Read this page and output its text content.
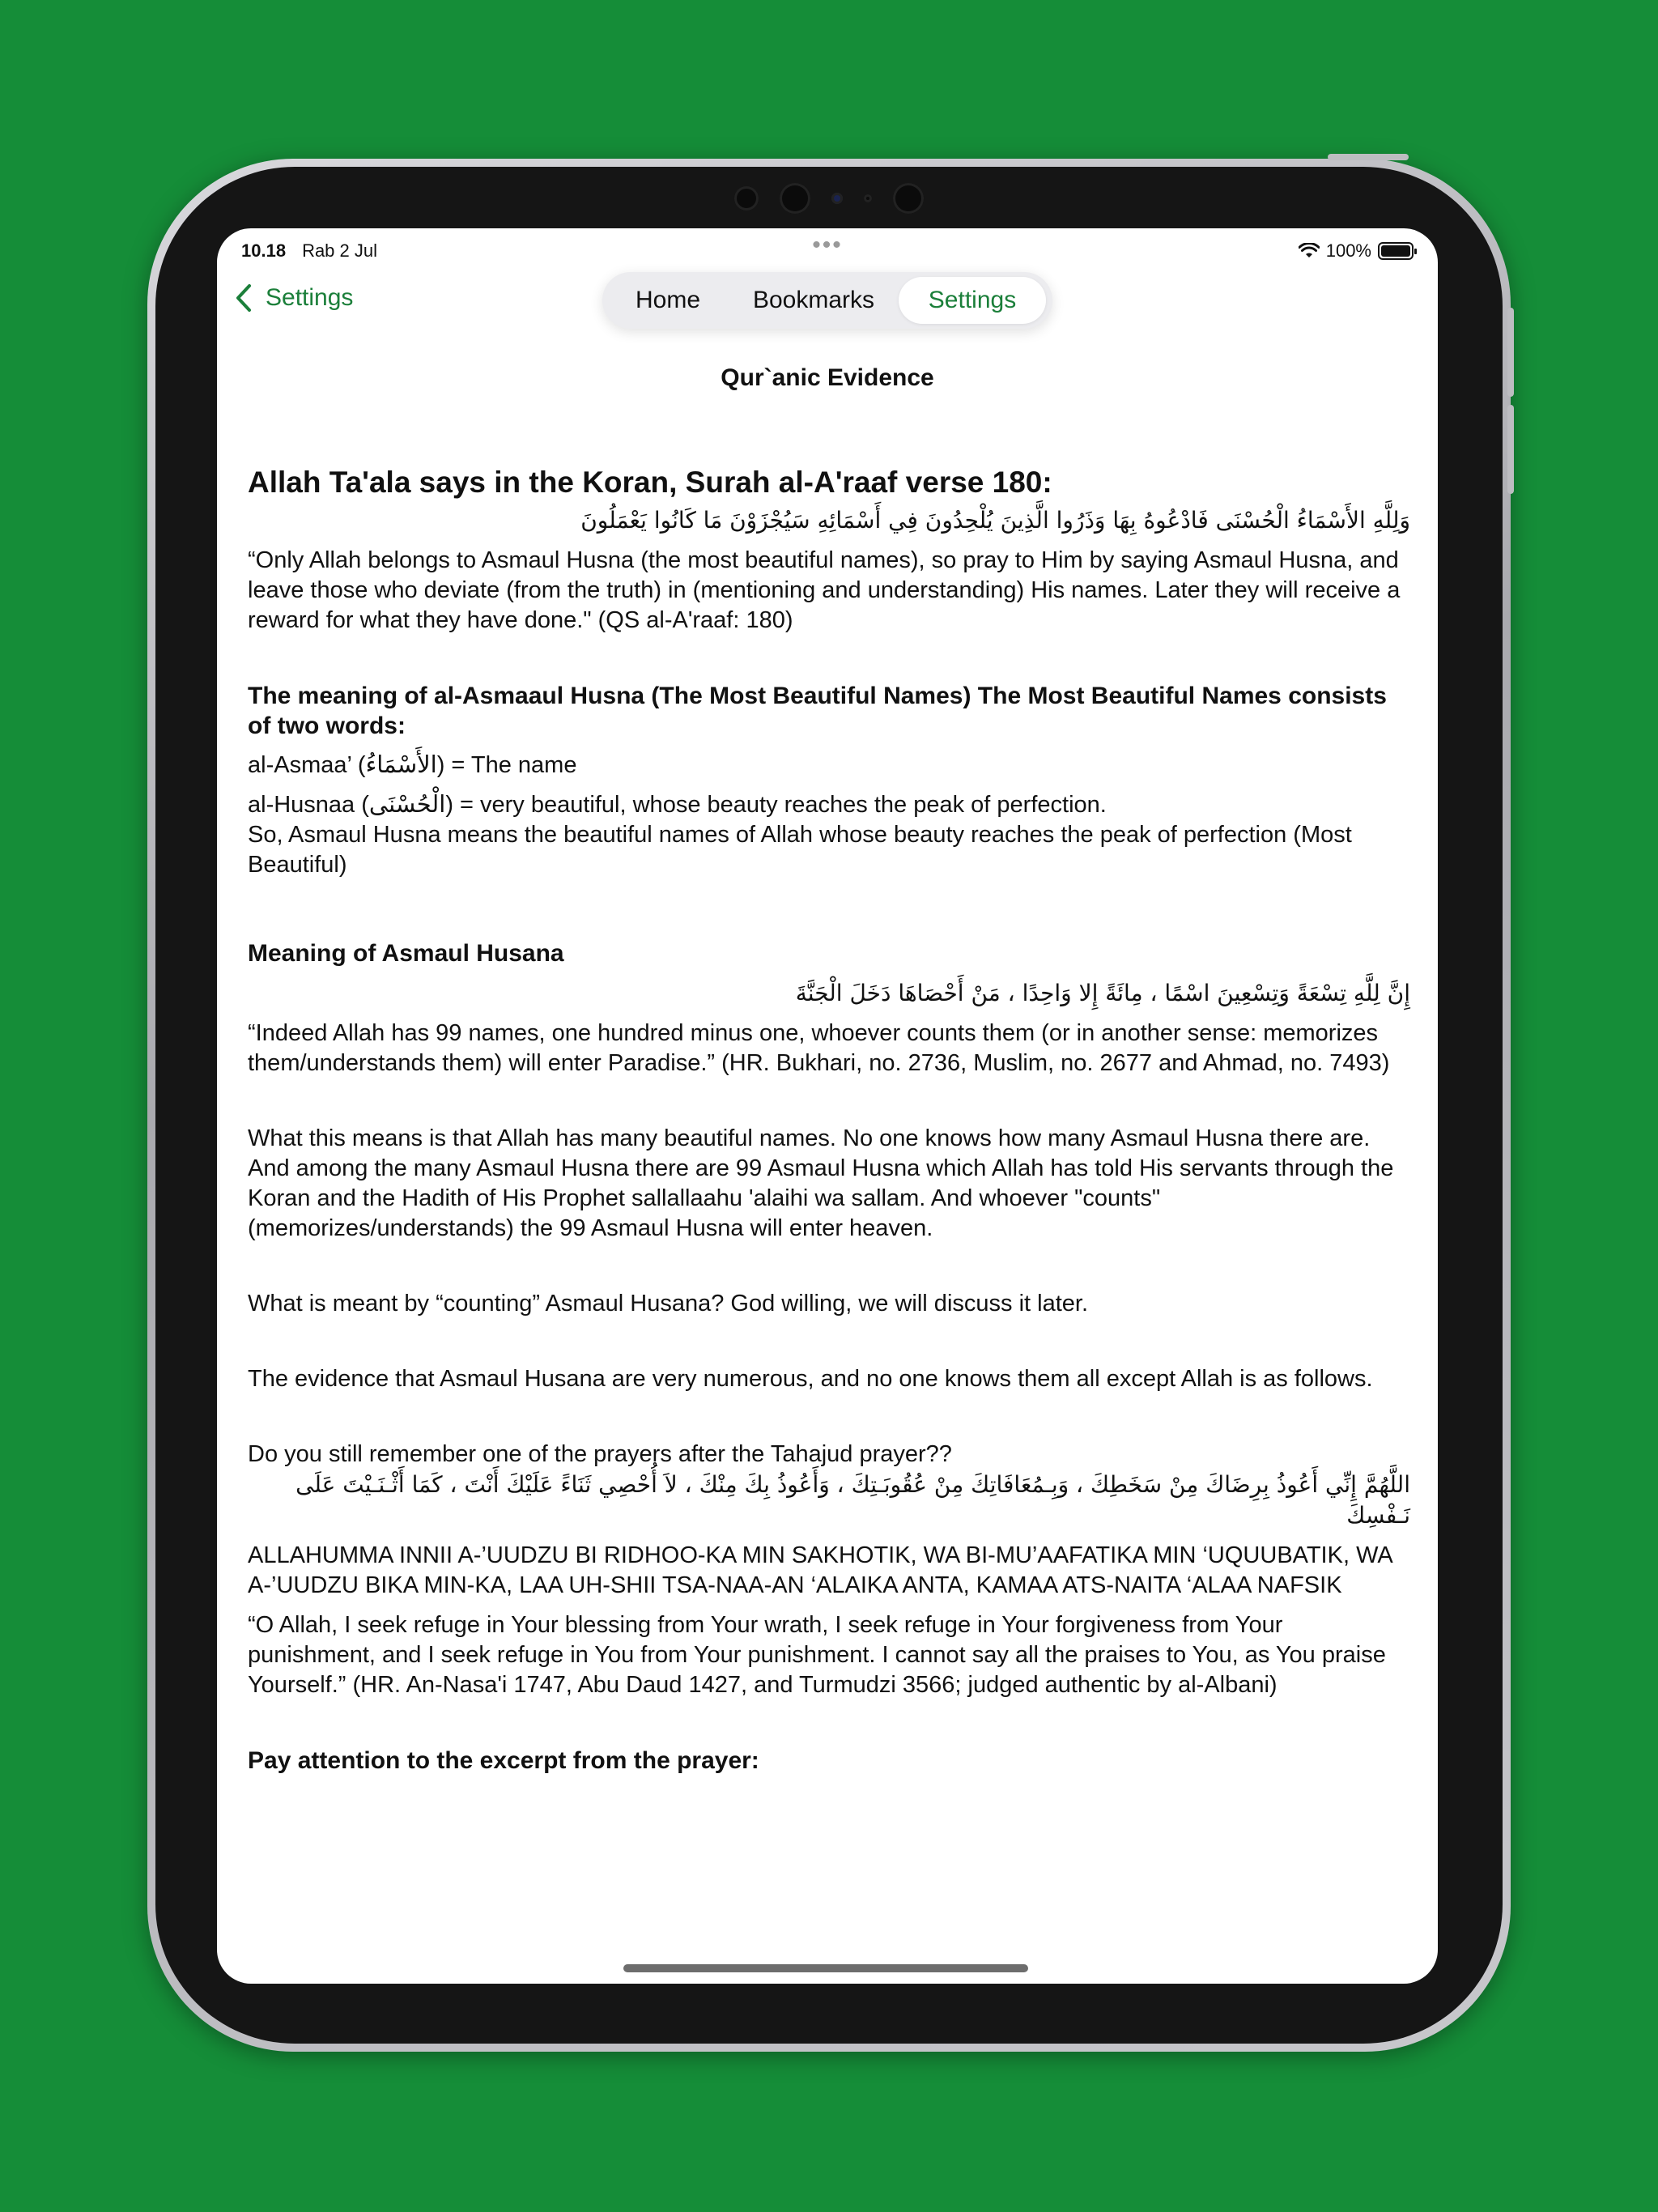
10.18 Rab 2 Jul	•••	100%
Settings	Home	Bookmarks	Settings
Qur`anic Evidence
Allah Ta'ala says in the Koran, Surah al-A'raaf verse 180:

وَلِلَّهِ الأَسْمَاءُ الْحُسْنَى فَادْعُوهُ بِهَا وَذَرُوا الَّذِينَ يُلْحِدُونَ فِي أَسْمَائِهِ سَيُجْزَوْنَ مَا كَانُوا يَعْمَلُونَ

“Only Allah belongs to Asmaul Husna (the most beautiful names), so pray to Him by saying Asmaul Husna, and leave those who deviate (from the truth) in (mentioning and understanding) His names. Later they will receive a reward for what they have done." (QS al-A'raaf: 180)

The meaning of al-Asmaaul Husna (The Most Beautiful Names) The Most Beautiful Names consists of two words:

al-Asmaa’ (الأَسْمَاءُ) = The name

al-Husnaa (الْحُسْنَى) = very beautiful, whose beauty reaches the peak of perfection.

So, Asmaul Husna means the beautiful names of Allah whose beauty reaches the peak of perfection (Most Beautiful)

Meaning of Asmaul Husana

إِنَّ لِلَّهِ تِسْعَةً وَتِسْعِينَ اسْمًا ، مِائَةً إِلا وَاحِدًا ، مَنْ أَحْصَاهَا دَخَلَ الْجَنَّةَ

“Indeed Allah has 99 names, one hundred minus one, whoever counts them (or in another sense: memorizes them/understands them) will enter Paradise.” (HR. Bukhari, no. 2736, Muslim, no. 2677 and Ahmad, no. 7493)

What this means is that Allah has many beautiful names. No one knows how many Asmaul Husna there are. And among the many Asmaul Husna there are 99 Asmaul Husna which Allah has told His servants through the Koran and the Hadith of His Prophet sallallaahu 'alaihi wa sallam. And whoever "counts" (memorizes/understands) the 99 Asmaul Husna will enter heaven.

What is meant by “counting” Asmaul Husana? God willing, we will discuss it later.

The evidence that Asmaul Husana are very numerous, and no one knows them all except Allah is as follows.

Do you still remember one of the prayers after the Tahajud prayer??

اللَّهُمَّ إِنِّي أَعُوذُ بِرِضَاكَ مِنْ سَخَطِكَ ، وَبِـمُعَافَاتِكَ مِنْ عُقُوبَـتِكَ ، وَأَعُوذُ بِكَ مِنْكَ ، لاَ أُحْصِي ثَنَاءً عَلَيْكَ أَنْتَ ، كَمَا أَثْـنَـيْتَ عَلَى نَـفْسِكَ

ALLAHUMMA INNII A-’UUDZU BI RIDHOO-KA MIN SAKHOTIK, WA BI-MU’AAFATIKA MIN ‘UQUUBATIK, WA A-’UUDZU BIKA MIN-KA, LAA UH-SHII TSA-NAA-AN ‘ALAIKA ANTA, KAMAA ATS-NAITA ‘ALAA NAFSIK

“O Allah, I seek refuge in Your blessing from Your wrath, I seek refuge in Your forgiveness from Your punishment, and I seek refuge in You from Your punishment. I cannot say all the praises to You, as You praise Yourself.” (HR. An-Nasa'i 1747, Abu Daud 1427, and Turmudzi 3566; judged authentic by al-Albani)

Pay attention to the excerpt from the prayer:
